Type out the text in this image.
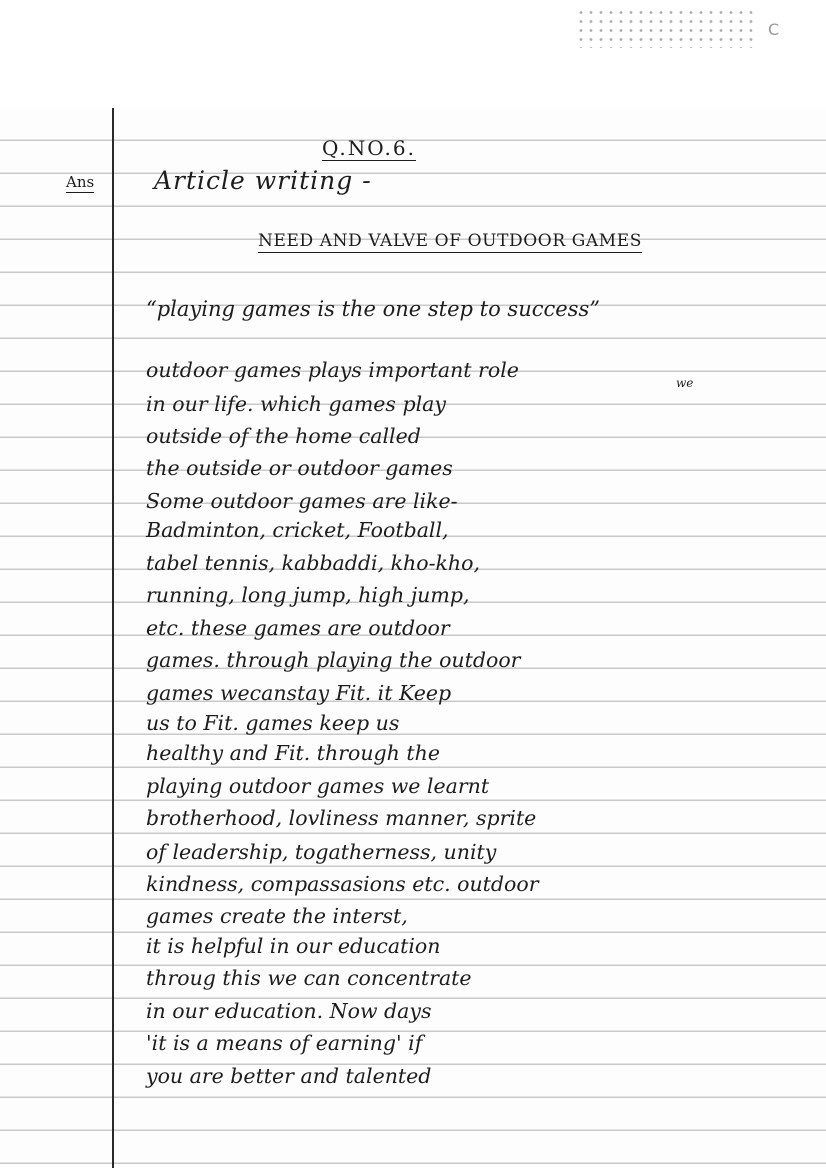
C
Q.NO.6.
Ans Article writing -
NEED AND VALVE OF OUTDOOR GAMES
“playing games is the one step to success”
we
outdoor games plays important role
in our life. which games play
outside of the home called
the outside or outdoor games
Some outdoor games are like-
Badminton, cricket, Football,
tabel tennis, kabbaddi, kho-kho,
running, long jump, high jump,
etc. these games are outdoor
games. through playing the outdoor
games wecanstay Fit. it Keep
us to Fit. games keep us
healthy and Fit. through the
playing outdoor games we learnt
brotherhood, lovliness manner, sprite
of leadership, togatherness, unity
kindness, compassasions etc. outdoor
games create the interst,
it is helpful in our education
throug this we can concentrate
in our education. Now days
'it is a means of earning' if
you are better and talented
